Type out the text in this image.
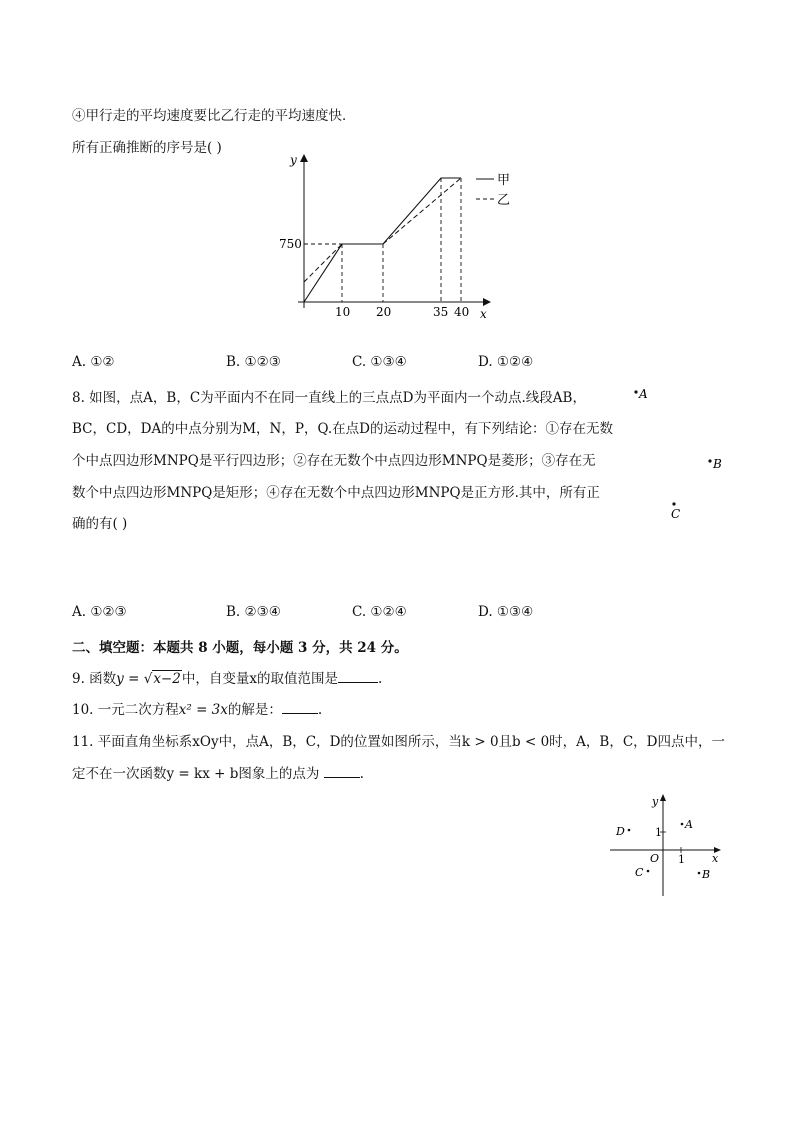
④甲行走的平均速度要比乙行走的平均速度快．
所有正确推断的序号是( )
y
x
750
10 20	35 40
甲
乙
A. ①②	B. ①②③	C. ①③④	D. ①②④
8. 如图，点A，B，C为平面内不在同一直线上的三点点D为平面内一个动点.线段AB，
BC，CD，DA的中点分别为M，N，P，Q.在点D的运动过程中，有下列结论：①存在无数
个中点四边形MNPQ是平行四边形；②存在无数个中点四边形MNPQ是菱形；③存在无
数个中点四边形MNPQ是矩形；④存在无数个中点四边形MNPQ是正方形.其中，所有正
确的有( )
A
B
C
A. ①②③	B. ②③④	C. ①②④	D. ①③④
二、填空题：本题共 8 小题，每小题 3 分，共 24 分。
9. 函数y = √x−2中，自变量x的取值范围是	.
10. 一元二次方程x² = 3x的解是：	.
11. 平面直角坐标系xOy中，点A，B，C，D的位置如图所示，当k > 0且b < 0时，A，B，C，D四点中，一
定不在一次函数y = kx + b图象上的点为	.
y
x
O
1
1
A
B
C
D
